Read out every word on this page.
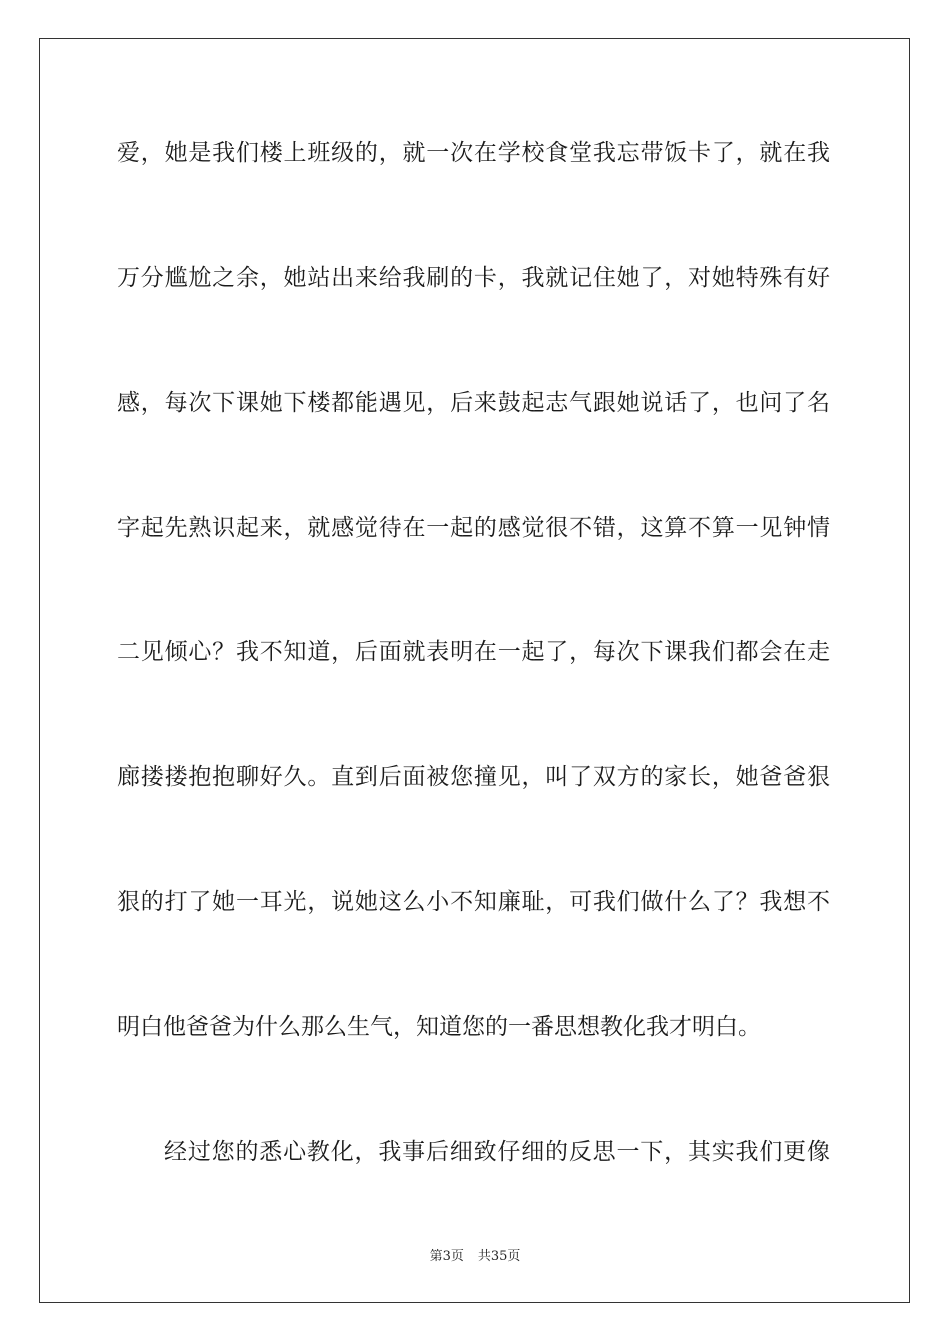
爱，她是我们楼上班级的，就一次在学校食堂我忘带饭卡了，就在我
万分尴尬之余，她站出来给我刷的卡，我就记住她了，对她特殊有好
感，每次下课她下楼都能遇见，后来鼓起志气跟她说话了，也问了名
字起先熟识起来，就感觉待在一起的感觉很不错，这算不算一见钟情
二见倾心？我不知道，后面就表明在一起了，每次下课我们都会在走
廊搂搂抱抱聊好久。直到后面被您撞见，叫了双方的家长，她爸爸狠
狠的打了她一耳光，说她这么小不知廉耻，可我们做什么了？我想不
明白他爸爸为什么那么生气，知道您的一番思想教化我才明白。
经过您的悉心教化，我事后细致仔细的反思一下，其实我们更像
第3页 共35页
